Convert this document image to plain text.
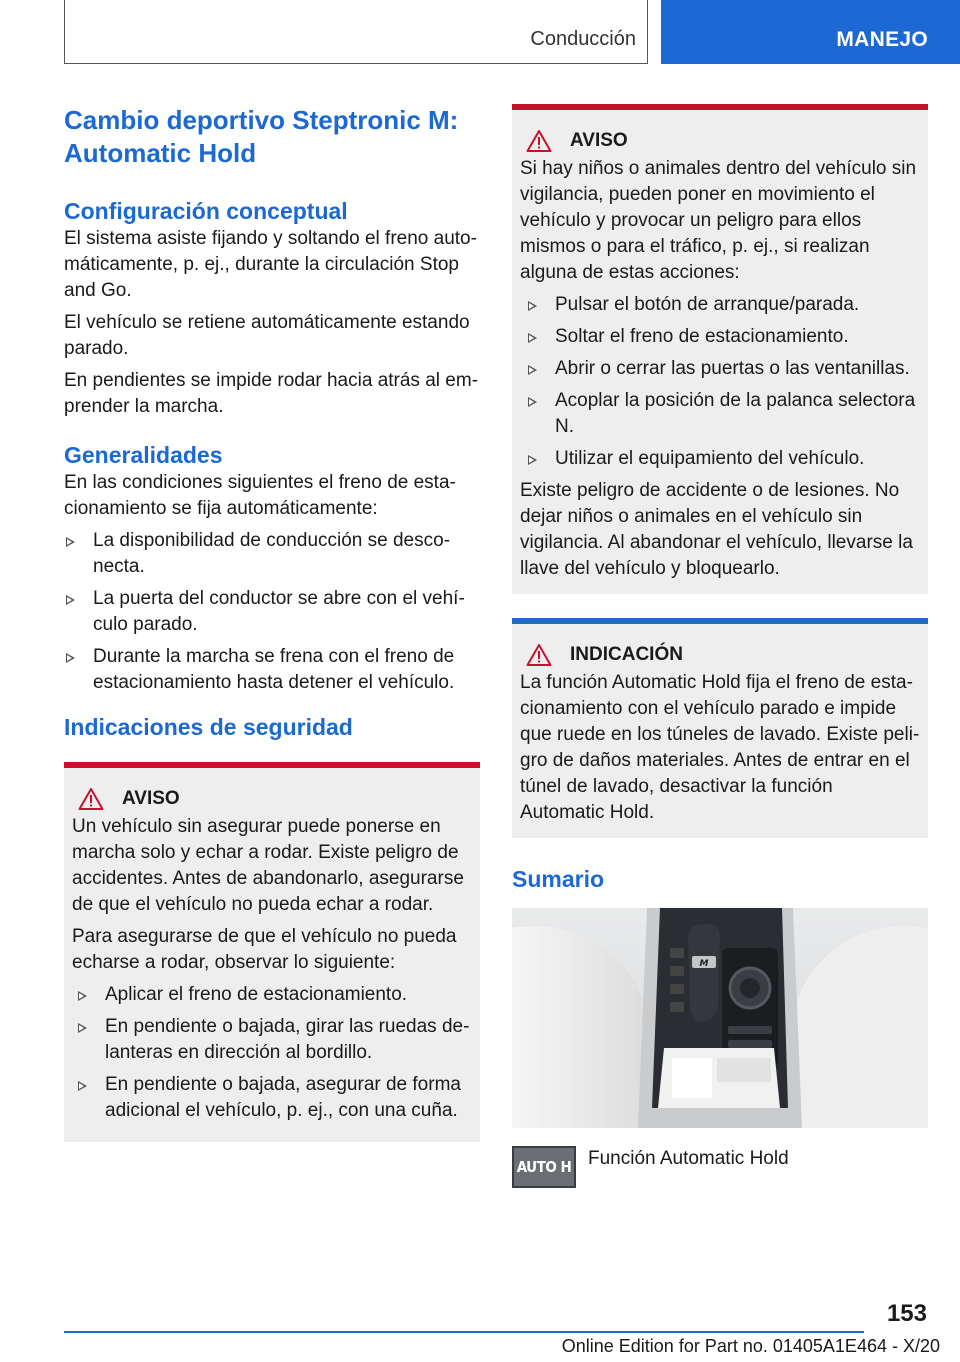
Conducción	MANEJO
Cambio deportivo Steptronic M: Automatic Hold
Configuración conceptual

El sistema asiste fijando y soltando el freno automáticamente, p. ej., durante la circulación Stop and Go.

El vehículo se retiene automáticamente estando parado.

En pendientes se impide rodar hacia atrás al emprender la marcha.

Generalidades

En las condiciones siguientes el freno de estacionamiento se fija automáticamente:

La disponibilidad de conducción se desconecta.
La puerta del conductor se abre con el vehículo parado.
Durante la marcha se frena con el freno de estacionamiento hasta detener el vehículo.
Indicaciones de seguridad
AVISO

Un vehículo sin asegurar puede ponerse en marcha solo y echar a rodar. Existe peligro de accidentes. Antes de abandonarlo, asegurarse de que el vehículo no pueda echar a rodar.

Para asegurarse de que el vehículo no pueda echarse a rodar, observar lo siguiente:

Aplicar el freno de estacionamiento.
En pendiente o bajada, girar las ruedas delanteras en dirección al bordillo.
En pendiente o bajada, asegurar de forma adicional el vehículo, p. ej., con una cuña.
AVISO

Si hay niños o animales dentro del vehículo sin vigilancia, pueden poner en movimiento el vehículo y provocar un peligro para ellos mismos o para el tráfico, p. ej., si realizan alguna de estas acciones:

Pulsar el botón de arranque/parada.
Soltar el freno de estacionamiento.
Abrir o cerrar las puertas o las ventanillas.
Acoplar la posición de la palanca selectora N.
Utilizar el equipamiento del vehículo.

Existe peligro de accidente o de lesiones. No dejar niños o animales en el vehículo sin vigilancia. Al abandonar el vehículo, llevarse la llave del vehículo y bloquearlo.

INDICACIÓN

La función Automatic Hold fija el freno de estacionamiento con el vehículo parado e impide que ruede en los túneles de lavado. Existe peligro de daños materiales. Antes de entrar en el túnel de lavado, desactivar la función Automatic Hold.

Sumario
M
AUTO H Función Automatic Hold

153
Online Edition for Part no. 01405A1E464 - X/20
